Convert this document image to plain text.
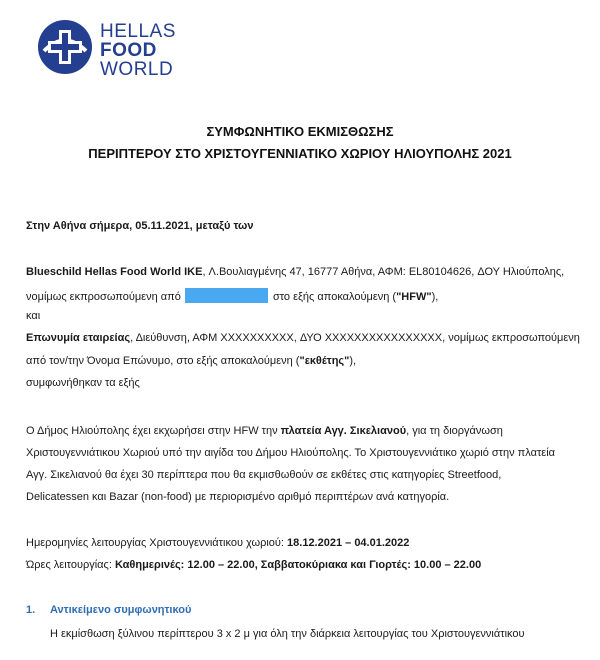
HELLAS
FOOD
WORLD
ΣΥΜΦΩΝΗΤΙΚΟ ΕΚΜΙΣΘΩΣΗΣ
ΠΕΡΙΠΤΕΡΟΥ ΣΤΟ ΧΡΙΣΤΟΥΓΕΝΝΙΑΤΙΚΟ ΧΩΡΙΟΥ ΗΛΙΟΥΠΟΛΗΣ 2021
Στην Αθήνα σήμερα, 05.11.2021, μεταξύ των
Blueschild Hellas Food World IKE, Λ.Βουλιαγμένης 47, 16777 Αθήνα, ΑΦΜ: EL80104626, ΔΟΥ Ηλιούπολης,
νομίμως εκπροσωπούμενη από	στο εξής αποκαλούμενη ("HFW"),
και
Επωνυμία εταιρείας, Διεύθυνση, ΑΦΜ XXXXXXXXXX, ΔΥΟ XXXXXXXXXXXXXXXX, νομίμως εκπροσωπούμενη
από τον/την Όνομα Επώνυμο, στο εξής αποκαλούμενη ("εκθέτης"),
συμφωνήθηκαν τα εξής
Ο Δήμος Ηλιούπολης έχει εκχωρήσει στην HFW την πλατεία Αγγ. Σικελιανού, για τη διοργάνωση
Χριστουγεννιάτικου Χωριού υπό την αιγίδα του Δήμου Ηλιούπολης. Το Χριστουγεννιάτικο χωριό στην πλατεία
Αγγ. Σικελιανού θα έχει 30 περίπτερα που θα εκμισθωθούν σε εκθέτες στις κατηγορίες Streetfood,
Delicatessen και Bazar (non-food) με περιορισμένο αριθμό περιπτέρων ανά κατηγορία.
Ημερομηνίες λειτουργίας Χριστουγεννιάτικου χωριού: 18.12.2021 – 04.01.2022
Ώρες λειτουργίας: Καθημερινές: 12.00 – 22.00, Σαββατοκύριακα και Γιορτές: 10.00 – 22.00
1. Αντικείμενο συμφωνητικού
Η εκμίσθωση ξύλινου περίπτερου 3 x 2 μ για όλη την διάρκεια λειτουργίας του Χριστουγεννιάτικου
